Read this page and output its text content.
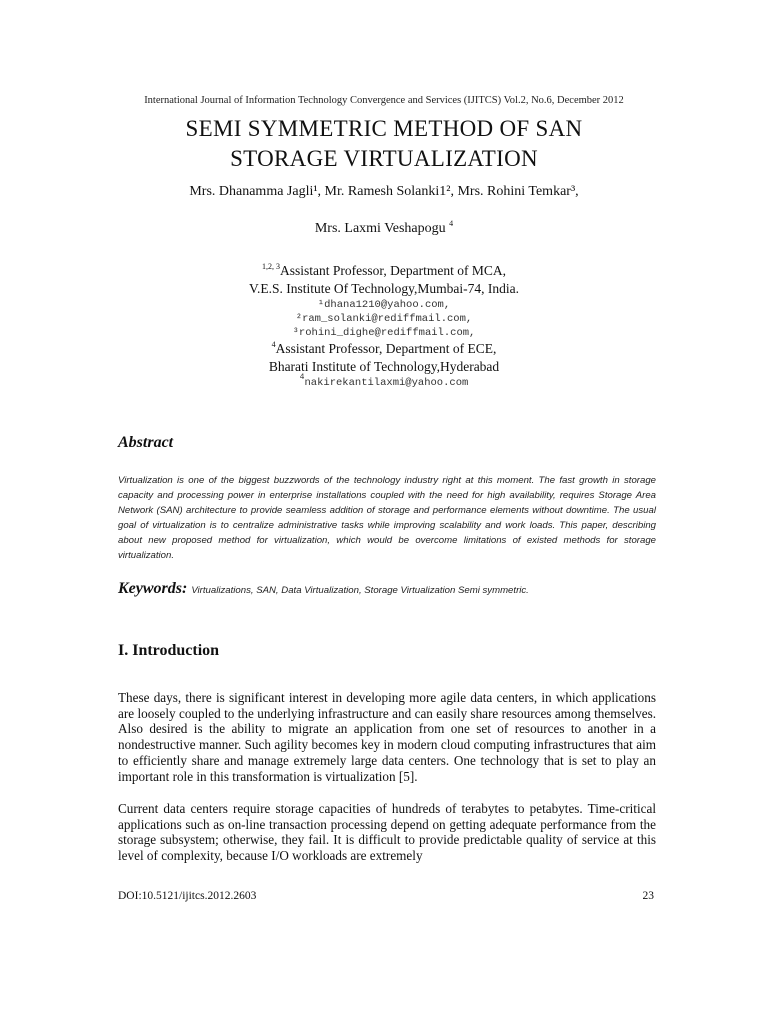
International Journal of Information Technology Convergence and Services (IJITCS) Vol.2, No.6, December 2012
SEMI SYMMETRIC METHOD OF SAN
STORAGE VIRTUALIZATION
Mrs. Dhanamma Jagli¹, Mr. Ramesh Solanki1², Mrs. Rohini Temkar³,
Mrs. Laxmi Veshapogu $^4$
$^{1,2, 3}$Assistant Professor, Department of MCA,
V.E.S. Institute Of Technology,Mumbai-74, India.
¹dhana1210@yahoo.com,
²ram_solanki@rediffmail.com,
³rohini_dighe@rediffmail.com,
$^4$Assistant Professor, Department of ECE,
Bharati Institute of Technology,Hyderabad
$^4$nakirekantilaxmi@yahoo.com
Abstract
Virtualization is one of the biggest buzzwords of the technology industry right at this moment. The fast growth in storage capacity and processing power in enterprise installations coupled with the need for high availability, requires Storage Area Network (SAN) architecture to provide seamless addition of storage and performance elements without downtime. The usual goal of virtualization is to centralize administrative tasks while improving scalability and work loads. This paper, describing about new proposed method for virtualization, which would be overcome limitations of existed methods for storage virtualization.
Keywords: Virtualizations, SAN, Data Virtualization, Storage Virtualization Semi symmetric.
I. Introduction
These days, there is significant interest in developing more agile data centers, in which applications are loosely coupled to the underlying infrastructure and can easily share resources among themselves. Also desired is the ability to migrate an application from one set of resources to another in a nondestructive manner. Such agility becomes key in modern cloud computing infrastructures that aim to efficiently share and manage extremely large data centers. One technology that is set to play an important role in this transformation is virtualization [5].
Current data centers require storage capacities of hundreds of terabytes to petabytes. Time-critical applications such as on-line transaction processing depend on getting adequate performance from the storage subsystem; otherwise, they fail. It is difficult to provide predictable quality of service at this level of complexity, because I/O workloads are extremely
DOI:10.5121/ijitcs.2012.2603	23
